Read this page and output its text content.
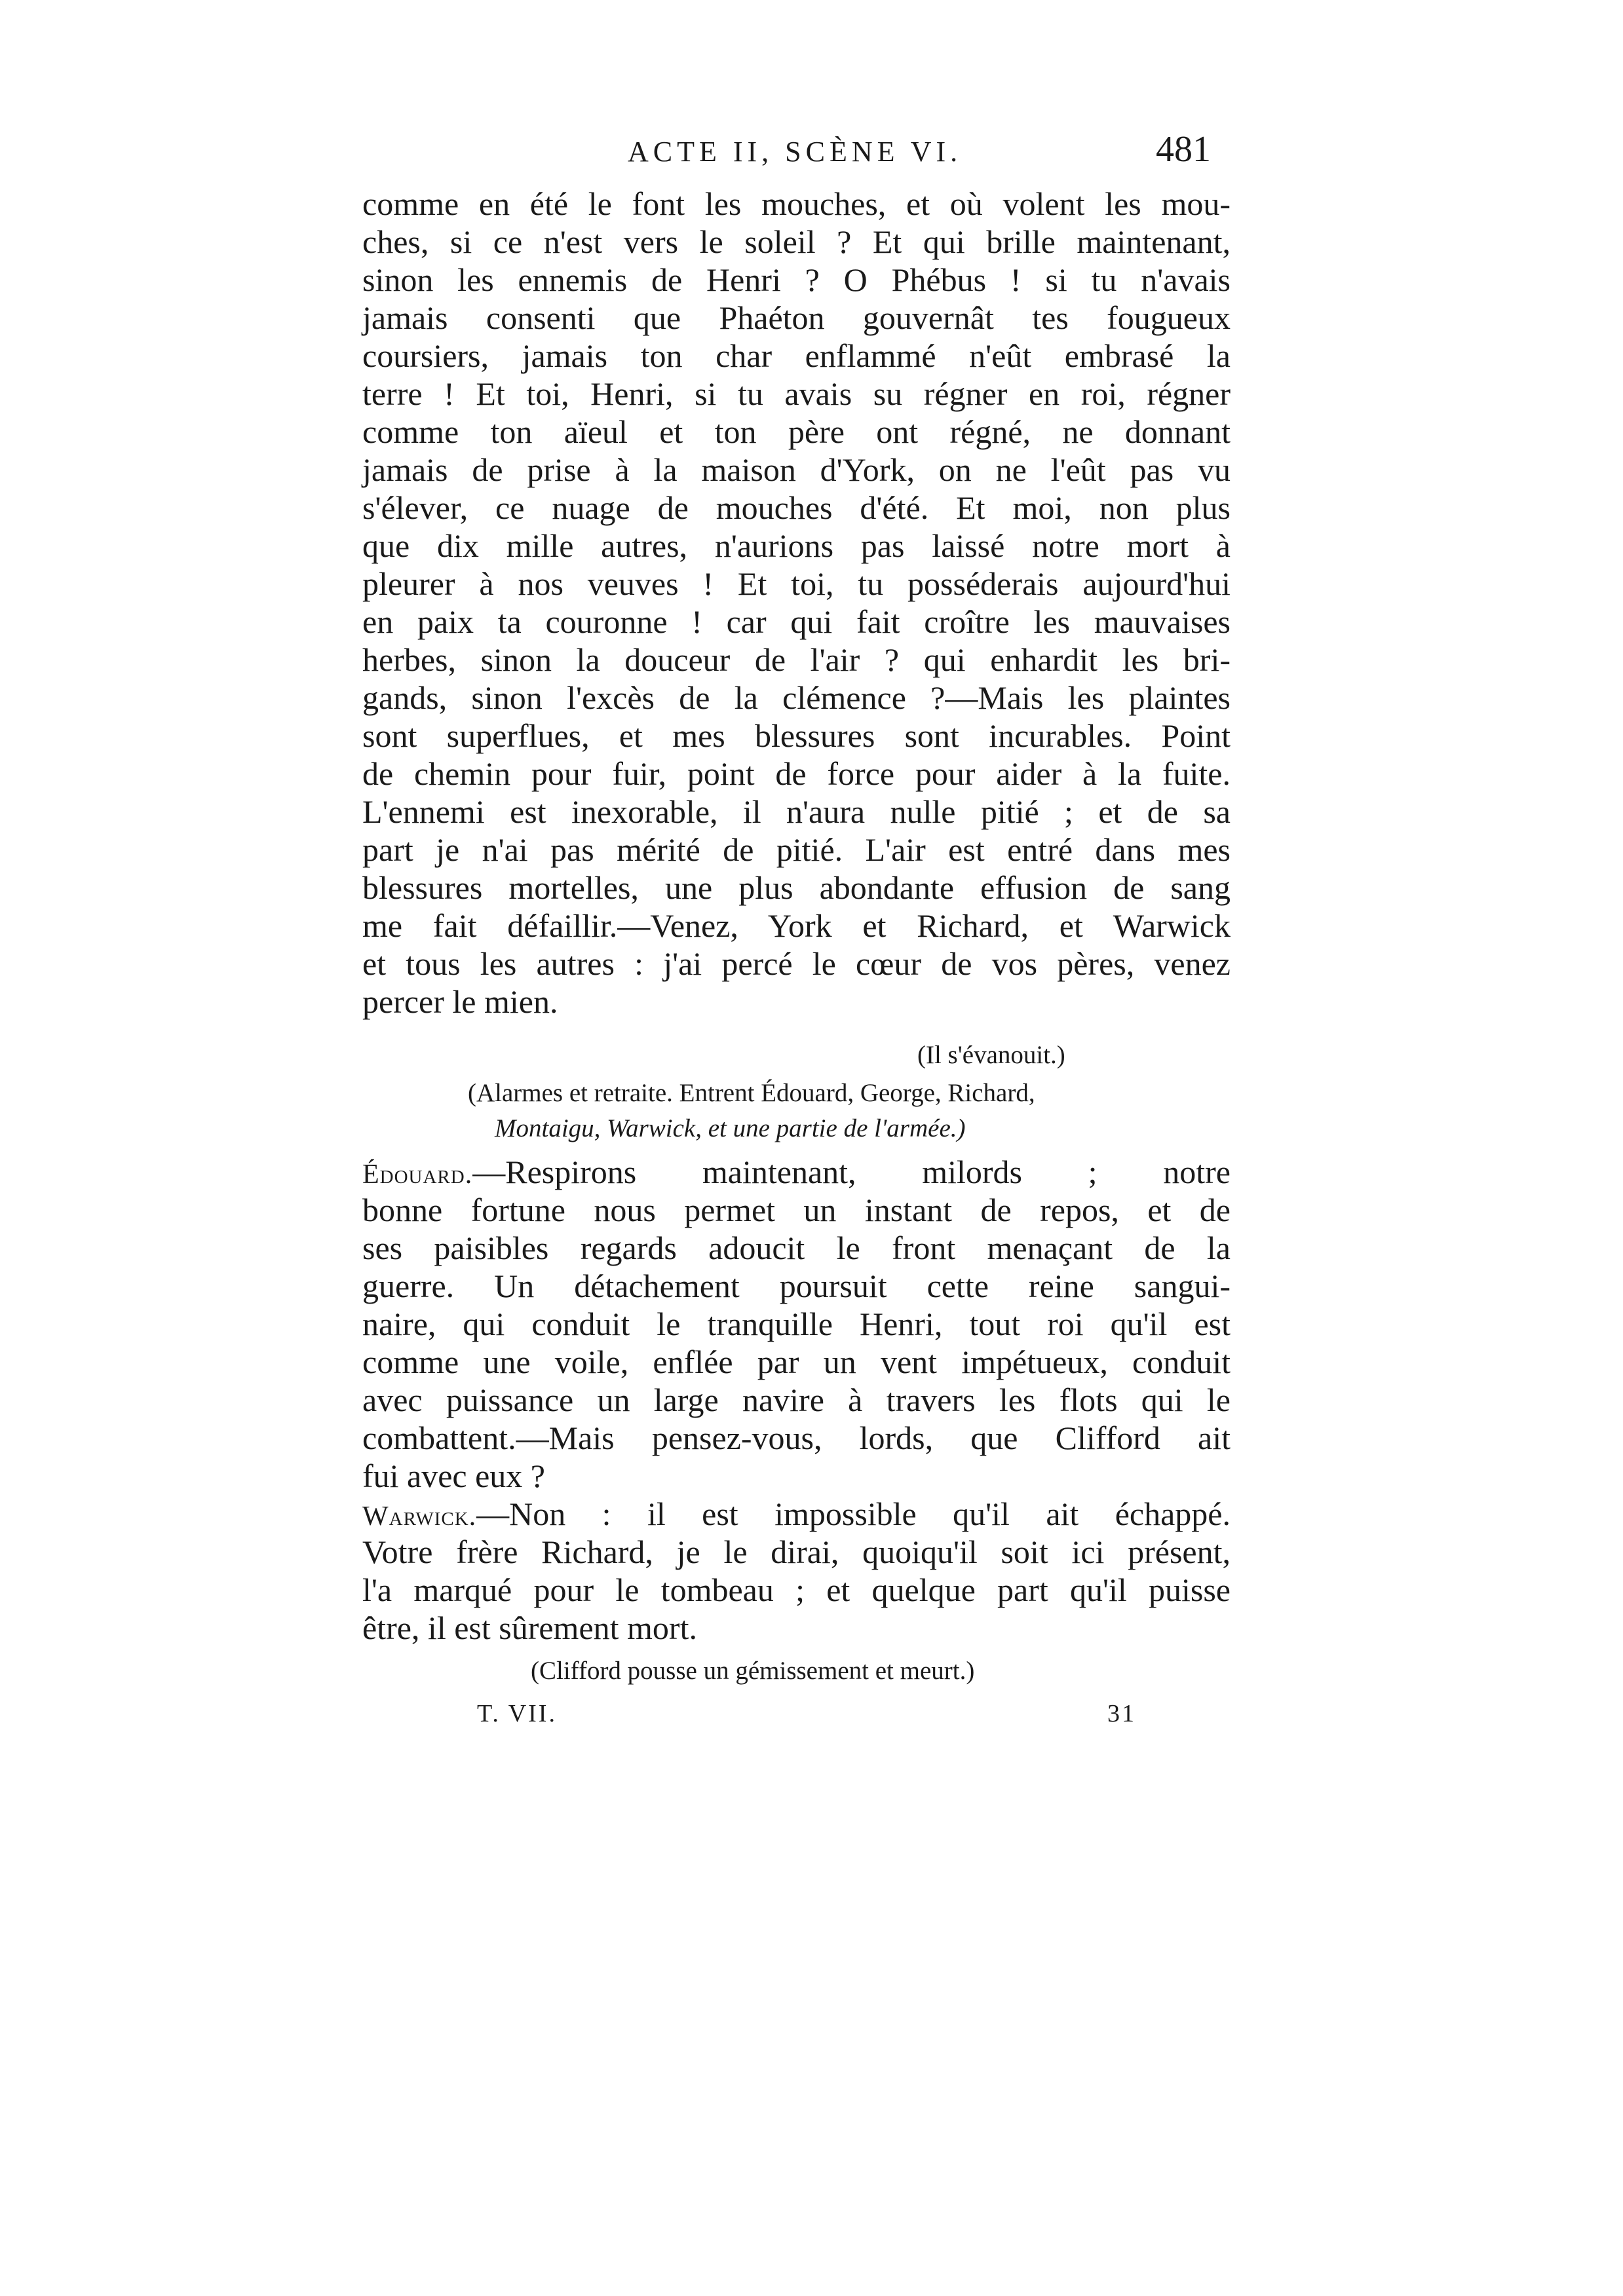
ACTE II, SCÈNE VI.	481
comme en été le font les mouches, et où volent les mou-
ches, si ce n'est vers le soleil ? Et qui brille maintenant,
sinon les ennemis de Henri ? O Phébus ! si tu n'avais
jamais consenti que Phaéton gouvernât tes fougueux
coursiers, jamais ton char enflammé n'eût embrasé la
terre ! Et toi, Henri, si tu avais su régner en roi, régner
comme ton aïeul et ton père ont régné, ne donnant
jamais de prise à la maison d'York, on ne l'eût pas vu
s'élever, ce nuage de mouches d'été. Et moi, non plus
que dix mille autres, n'aurions pas laissé notre mort à
pleurer à nos veuves ! Et toi, tu posséderais aujourd'hui
en paix ta couronne ! car qui fait croître les mauvaises
herbes, sinon la douceur de l'air ? qui enhardit les bri-
gands, sinon l'excès de la clémence ?—Mais les plaintes
sont superflues, et mes blessures sont incurables. Point
de chemin pour fuir, point de force pour aider à la fuite.
L'ennemi est inexorable, il n'aura nulle pitié ; et de sa
part je n'ai pas mérité de pitié. L'air est entré dans mes
blessures mortelles, une plus abondante effusion de sang
me fait défaillir.—Venez, York et Richard, et Warwick
et tous les autres : j'ai percé le cœur de vos pères, venez
percer le mien.
(Il s'évanouit.)
(Alarmes et retraite. Entrent Édouard, George, Richard,
Montaigu, Warwick, et une partie de l'armée.)
Édouard.—Respirons maintenant, milords ; notre
bonne fortune nous permet un instant de repos, et de
ses paisibles regards adoucit le front menaçant de la
guerre. Un détachement poursuit cette reine sangui-
naire, qui conduit le tranquille Henri, tout roi qu'il est
comme une voile, enflée par un vent impétueux, conduit
avec puissance un large navire à travers les flots qui le
combattent.—Mais pensez-vous, lords, que Clifford ait
fui avec eux ?
Warwick.—Non : il est impossible qu'il ait échappé.
Votre frère Richard, je le dirai, quoiqu'il soit ici présent,
l'a marqué pour le tombeau ; et quelque part qu'il puisse
être, il est sûrement mort.
(Clifford pousse un gémissement et meurt.)
T. VII.	31
